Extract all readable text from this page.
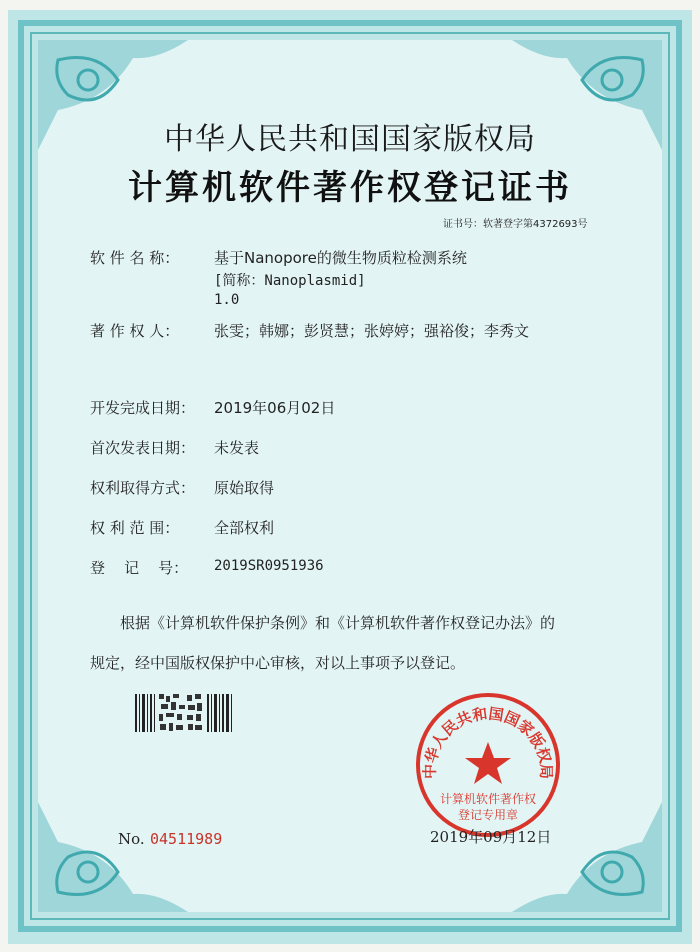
中华人民共和国国家版权局
计算机软件著作权登记证书
证书号：软著登字第4372693号
软 件 名 称： 基于Nanopore的微生物质粒检测系统
[简称：Nanoplasmid]
1.0
著 作 权 人： 张雯；韩娜；彭贤慧；张婷婷；强裕俊；李秀文
开发完成日期： 2019年06月02日
首次发表日期： 未发表
权利取得方式： 原始取得
权 利 范 围： 全部权利
登    记    号： 2019SR0951936
根据《计算机软件保护条例》和《计算机软件著作权登记办法》的
规定，经中国版权保护中心审核，对以上事项予以登记。
中华人民共和国国家版权局
计算机软件著作权
登记专用章
No. 04511989	2019年09月12日
